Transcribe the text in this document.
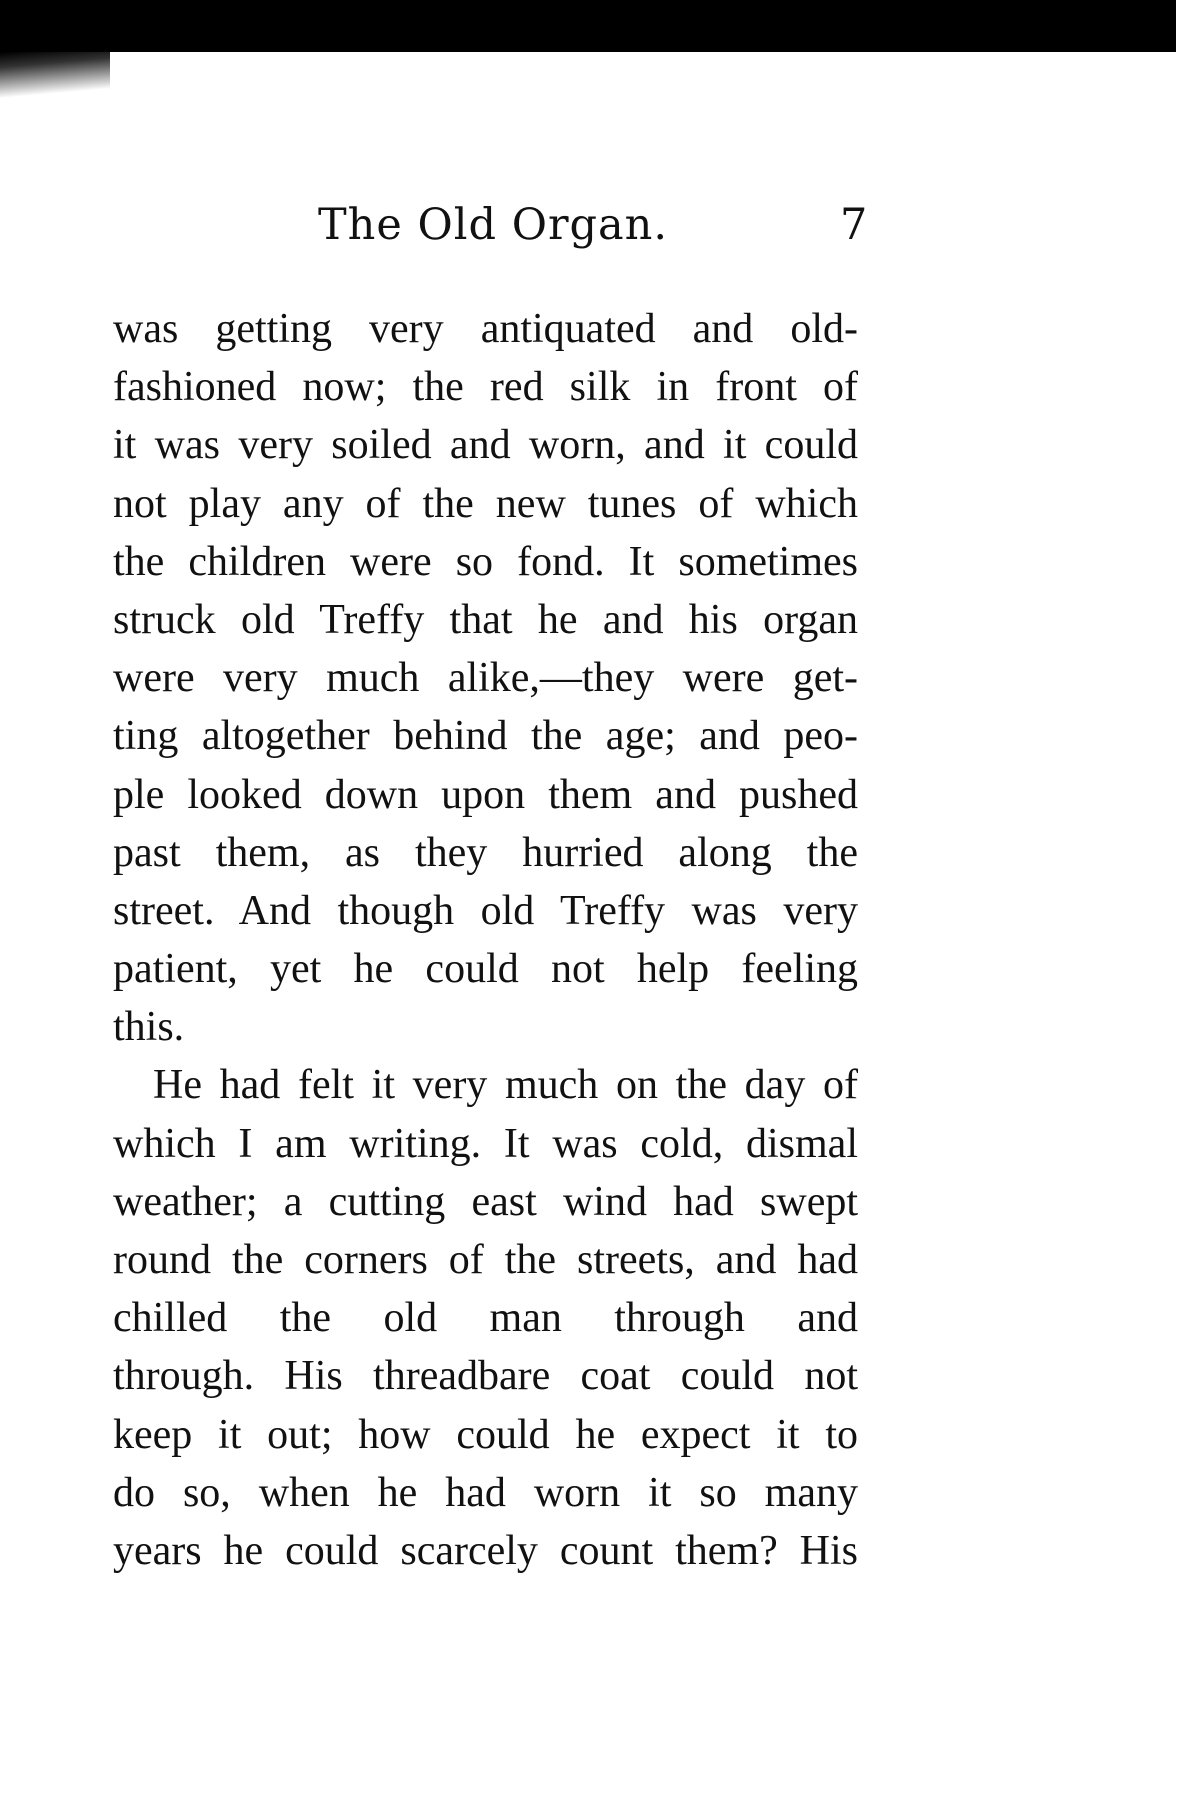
The Old Organ.	7
was getting very antiquated and old-
fashioned now; the red silk in front of
it was very soiled and worn, and it could
not play any of the new tunes of which
the children were so fond. It sometimes
struck old Treffy that he and his organ
were very much alike,—they were get-
ting altogether behind the age; and peo-
ple looked down upon them and pushed
past them, as they hurried along the
street. And though old Treffy was very
patient, yet he could not help feeling
this.
He had felt it very much on the day of
which I am writing. It was cold, dismal
weather; a cutting east wind had swept
round the corners of the streets, and had
chilled the old man through and
through. His threadbare coat could not
keep it out; how could he expect it to
do so, when he had worn it so many
years he could scarcely count them? His
